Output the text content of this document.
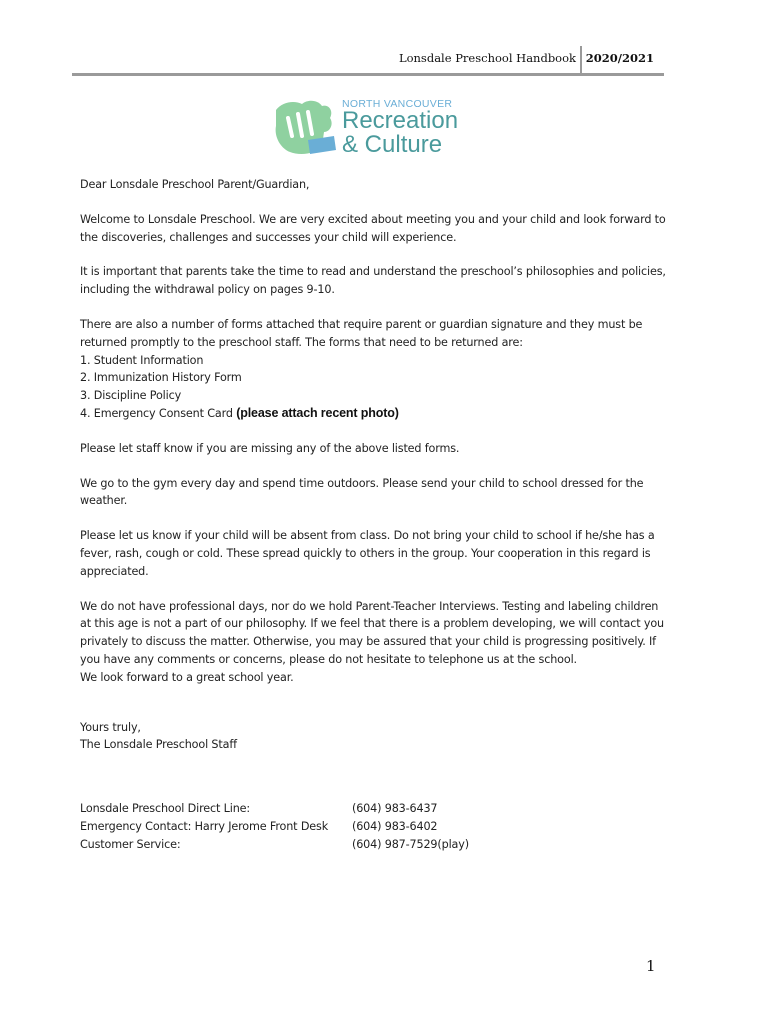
Lonsdale Preschool Handbook 2020/2021
NORTH VANCOUVER
Recreation
& Culture

Dear Lonsdale Preschool Parent/Guardian,

Welcome to Lonsdale Preschool. We are very excited about meeting you and your child and look forward to the discoveries, challenges and successes your child will experience.

It is important that parents take the time to read and understand the preschool’s philosophies and policies, including the withdrawal policy on pages 9-10.

There are also a number of forms attached that require parent or guardian signature and they must be returned promptly to the preschool staff. The forms that need to be returned are:

1. Student Information
2. Immunization History Form
3. Discipline Policy
4. Emergency Consent Card (please attach recent photo)

Please let staff know if you are missing any of the above listed forms.

We go to the gym every day and spend time outdoors. Please send your child to school dressed for the weather.

Please let us know if your child will be absent from class. Do not bring your child to school if he/she has a fever, rash, cough or cold. These spread quickly to others in the group. Your cooperation in this regard is appreciated.

We do not have professional days, nor do we hold Parent-Teacher Interviews. Testing and labeling children at this age is not a part of our philosophy. If we feel that there is a problem developing, we will contact you privately to discuss the matter. Otherwise, you may be assured that your child is progressing positively. If you have any comments or concerns, please do not hesitate to telephone us at the school.
We look forward to a great school year.

Yours truly,
The Lonsdale Preschool Staff
Lonsdale Preschool Direct Line:	(604) 983-6437
Emergency Contact: Harry Jerome Front Desk (604) 983-6402
Customer Service:	(604) 987-7529(play)
1
